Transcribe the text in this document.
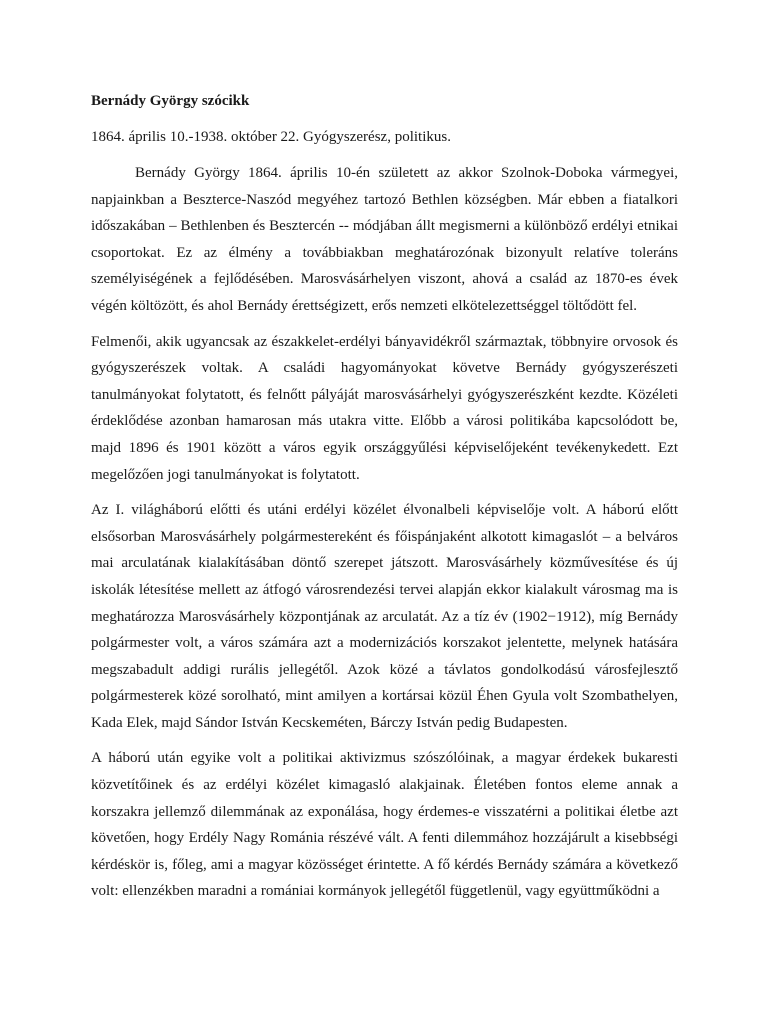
Bernády György szócikk
1864. április 10.-1938. október 22. Gyógyszerész, politikus.

Bernády György 1864. április 10-én született az akkor Szolnok-Doboka vármegyei, napjainkban a Beszterce-Naszód megyéhez tartozó Bethlen községben. Már ebben a fiatalkori időszakában – Bethlenben és Besztercén -- módjában állt megismerni a különböző erdélyi etnikai csoportokat. Ez az élmény a továbbiakban meghatározónak bizonyult relatíve toleráns személyiségének a fejlődésében. Marosvásárhelyen viszont, ahová a család az 1870-es évek végén költözött, és ahol Bernády érettségizett, erős nemzeti elkötelezettséggel töltődött fel.

Felmenői, akik ugyancsak az északkelet-erdélyi bányavidékről származtak, többnyire orvosok és gyógyszerészek voltak. A családi hagyományokat követve Bernády gyógyszerészeti tanulmányokat folytatott, és felnőtt pályáját marosvásárhelyi gyógyszerészként kezdte. Közéleti érdeklődése azonban hamarosan más utakra vitte. Előbb a városi politikába kapcsolódott be, majd 1896 és 1901 között a város egyik országgyűlési képviselőjeként tevékenykedett. Ezt megelőzően jogi tanulmányokat is folytatott.

Az I. világháború előtti és utáni erdélyi közélet élvonalbeli képviselője volt. A háború előtt elsősorban Marosvásárhely polgármestereként és főispánjaként alkotott kimagaslót – a belváros mai arculatának kialakításában döntő szerepet játszott. Marosvásárhely közművesítése és új iskolák létesítése mellett az átfogó városrendezési tervei alapján ekkor kialakult városmag ma is meghatározza Marosvásárhely központjának az arculatát. Az a tíz év (1902−1912), míg Bernády polgármester volt, a város számára azt a modernizációs korszakot jelentette, melynek hatására megszabadult addigi rurális jellegétől. Azok közé a távlatos gondolkodású városfejlesztő polgármesterek közé sorolható, mint amilyen a kortársai közül Éhen Gyula volt Szombathelyen, Kada Elek, majd Sándor István Kecskeméten, Bárczy István pedig Budapesten.

A háború után egyike volt a politikai aktivizmus szószólóinak, a magyar érdekek bukaresti közvetítőinek és az erdélyi közélet kimagasló alakjainak. Életében fontos eleme annak a korszakra jellemző dilemmának az exponálása, hogy érdemes-e visszatérni a politikai életbe azt követően, hogy Erdély Nagy Románia részévé vált. A fenti dilemmához hozzájárult a kisebbségi kérdéskör is, főleg, ami a magyar közösséget érintette. A fő kérdés Bernády számára a következő volt: ellenzékben maradni a romániai kormányok jellegétől függetlenül, vagy együttműködni a
